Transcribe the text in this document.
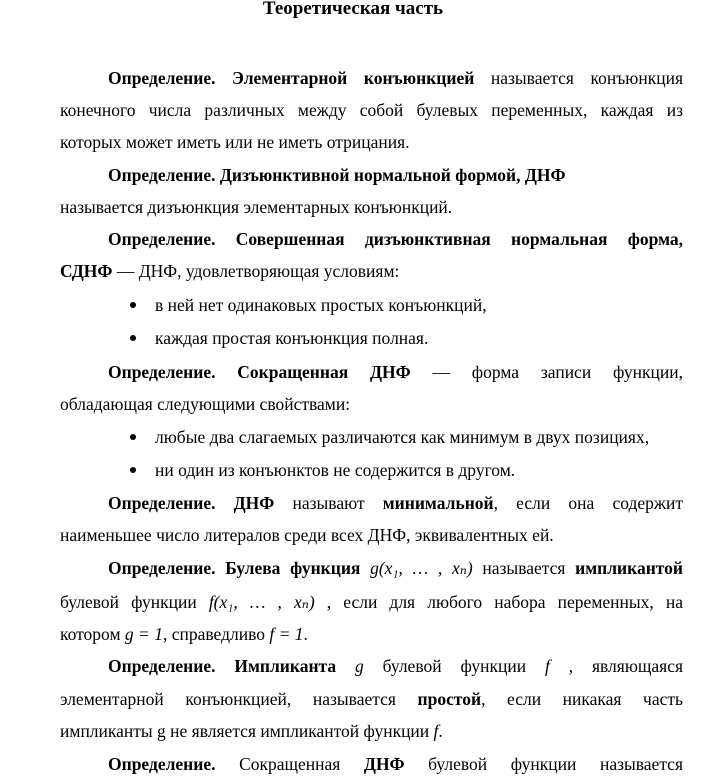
Теоретическая часть
Определение. Элементарной конъюнкцией называется конъюнкция
конечного числа различных между собой булевых переменных, каждая из
которых может иметь или не иметь отрицания.
Определение. Дизъюнктивной нормальной формой, ДНФ
называется дизъюнкция элементарных конъюнкций.
Определение. Совершенная дизъюнктивная нормальная форма,
СДНФ — ДНФ, удовлетворяющая условиям:
в ней нет одинаковых простых конъюнкций,
каждая простая конъюнкция полная.
Определение. Сокращенная ДНФ — форма записи функции,
обладающая следующими свойствами:
любые два слагаемых различаются как минимум в двух позициях,
ни один из конъюнктов не содержится в другом.
Определение. ДНФ называют минимальной, если она содержит
наименьшее число литералов среди всех ДНФ, эквивалентных ей.
Определение. Булева функция g(x₁, … , xₙ) называется импликантой
булевой функции f(x₁, … , xₙ) , если для любого набора переменных, на
котором g = 1, справедливо f = 1.
Определение. Импликанта g булевой функции f , являющаяся
элементарной конъюнкцией, называется простой, если никакая часть
импликанты g не является импликантой функции f.
Определение. Сокращенная ДНФ булевой функции называется
